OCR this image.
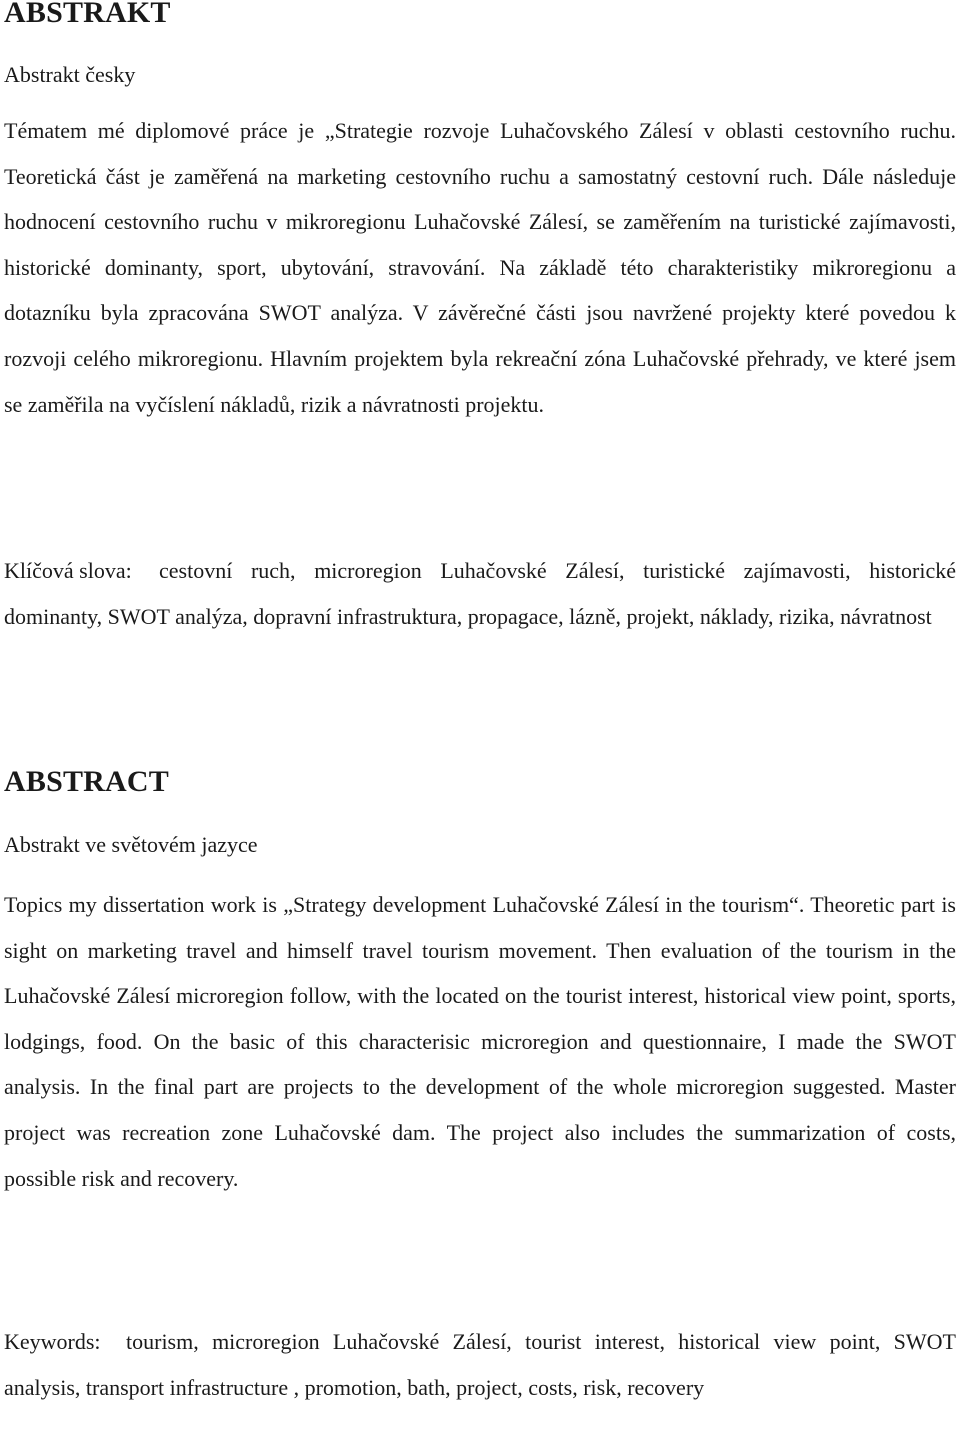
ABSTRAKT

Abstrakt česky

Tématem mé diplomové práce je „Strategie rozvoje Luhačovského Zálesí v oblasti cestovního ruchu. Teoretická část je zaměřená na marketing cestovního ruchu a samostatný cestovní ruch. Dále následuje hodnocení cestovního ruchu v mikroregionu Luhačovské Zálesí, se zaměřením na turistické zajímavosti, historické dominanty, sport, ubytování, stravování. Na základě této charakteristiky mikroregionu a dotazníku byla zpracována SWOT analýza. V závěrečné části jsou navržené projekty které povedou k rozvoji celého mikroregionu. Hlavním projektem byla rekreační zóna Luhačovské přehrady, ve které jsem se zaměřila na vyčíslení nákladů, rizik a návratnosti projektu.

Klíčová slova:	cestovní ruch, microregion Luhačovské Zálesí, turistické zajímavosti, historické dominanty, SWOT analýza, dopravní infrastruktura, propagace, lázně, projekt, náklady, rizika, návratnost

ABSTRACT

Abstrakt ve světovém jazyce

Topics my dissertation work is „Strategy development Luhačovské Zálesí in the tourism“. Theoretic part is sight on marketing travel and himself travel tourism movement. Then evaluation of the tourism in the Luhačovské Zálesí microregion follow, with the located on the tourist interest, historical view point, sports, lodgings, food. On the basic of this characterisic microregion and questionnaire, I made the SWOT analysis. In the final part are projects to the development of the whole microregion suggested. Master project was recreation zone Luhačovské dam. The project also includes the summarization of costs, possible risk and recovery.

Keywords:	tourism, microregion Luhačovské Zálesí, tourist interest, historical view point, SWOT analysis, transport infrastructure , promotion, bath, project, costs, risk, recovery
